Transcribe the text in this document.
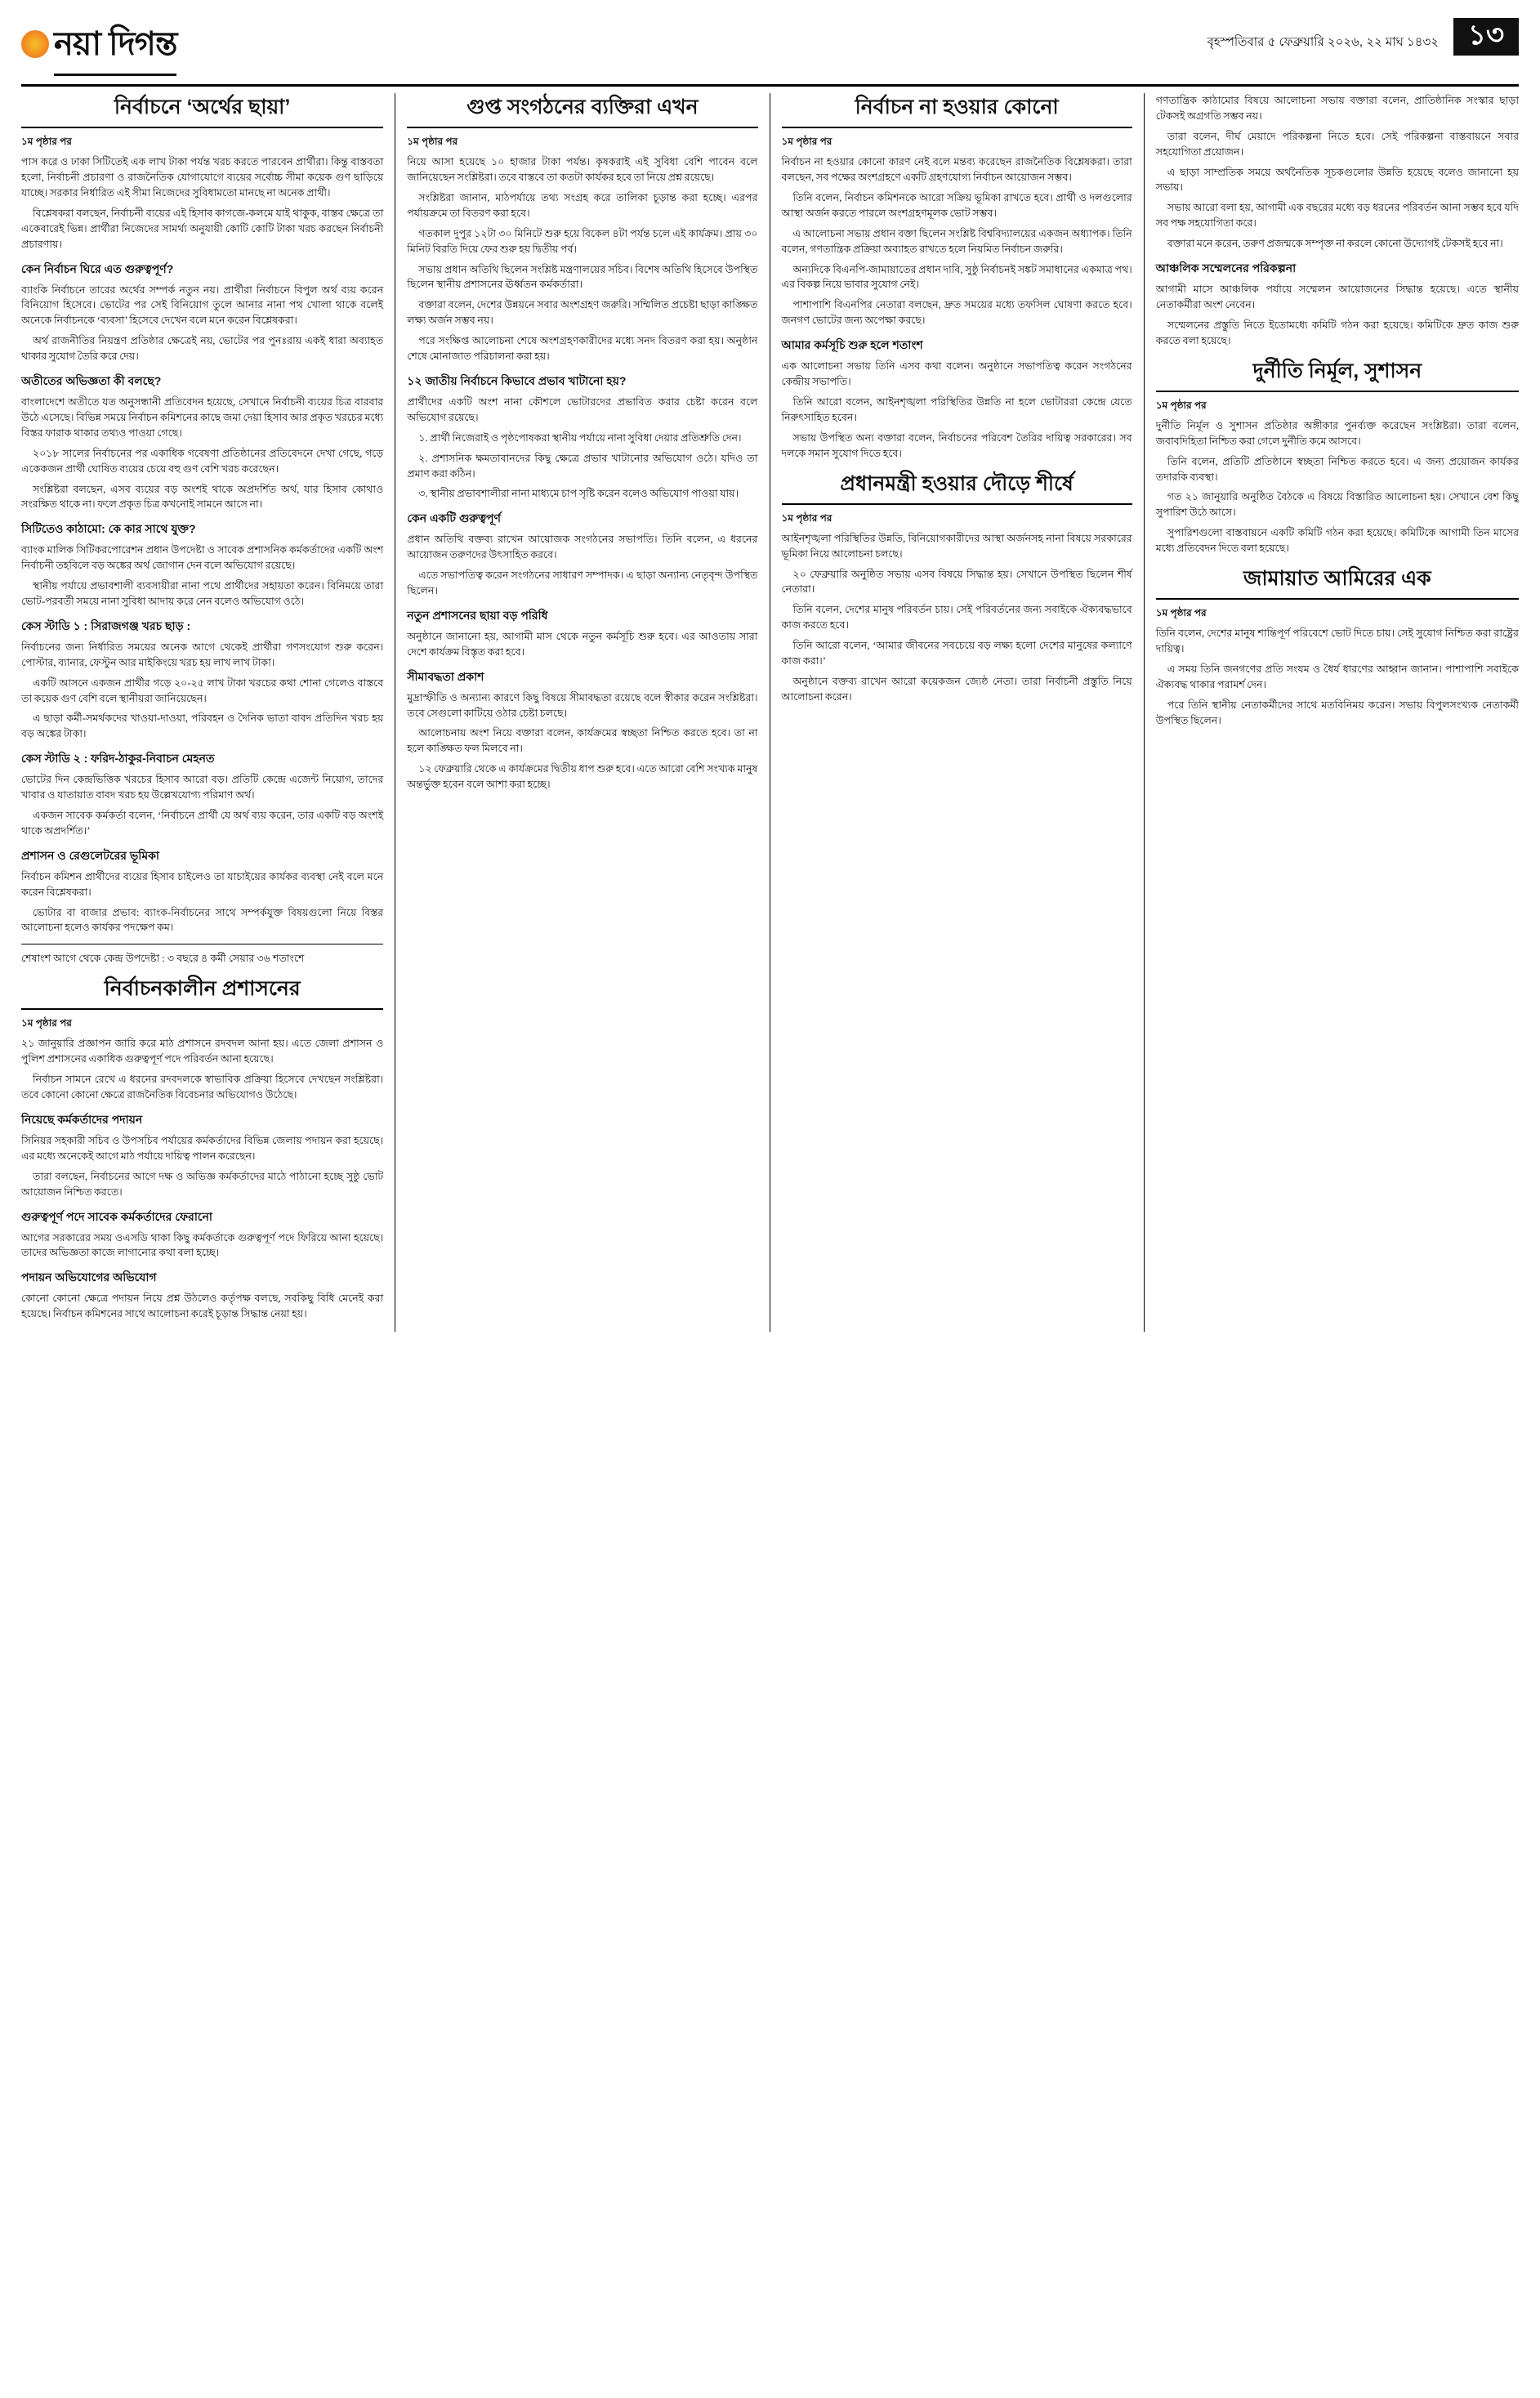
নয়া দিগন্ত	বৃহস্পতিবার ৫ ফেব্রুয়ারি ২০২৬, ২২ মাঘ ১৪৩২	১৩
নির্বাচনে ‘অর্থের ছায়া’
১ম পৃষ্ঠার পর

পাস করে ও ঢাকা সিটিতেই এক লাখ টাকা পর্যন্ত খরচ করতে পারবেন প্রার্থীরা। কিন্তু বাস্তবতা হলো, নির্বাচনী প্রচারণা ও রাজনৈতিক যোগাযোগে ব্যয়ের সর্বোচ্চ সীমা কয়েক গুণ ছাড়িয়ে যাচ্ছে। সরকার নির্ধারিত এই সীমা নিজেদের সুবিধামতো মানছে না অনেক প্রার্থী।

বিশ্লেষকরা বলছেন, নির্বাচনী ব্যয়ের এই হিসাব কাগজে-কলমে যাই থাকুক, বাস্তব ক্ষেত্রে তা একেবারেই ভিন্ন। প্রার্থীরা নিজেদের সামর্থ্য অনুযায়ী কোটি কোটি টাকা খরচ করছেন নির্বাচনী প্রচারণায়।

কেন নির্বাচন ঘিরে এত গুরুত্বপূর্ণ?

ব্যাংকি নির্বাচনে তারের অর্থের সম্পর্ক নতুন নয়। প্রার্থীরা নির্বাচনে বিপুল অর্থ ব্যয় করেন বিনিয়োগ হিসেবে। ভোটের পর সেই বিনিয়োগ তুলে আনার নানা পথ খোলা থাকে বলেই অনেকে নির্বাচনকে ‘ব্যবসা’ হিসেবে দেখেন বলে মনে করেন বিশ্লেষকরা।

অর্থ রাজনীতির নিয়ন্ত্রণ প্রতিষ্ঠার ক্ষেত্রেই নয়, ভোটের পর পুনঃরায় একই ধারা অব্যাহত থাকার সুযোগ তৈরি করে দেয়।

অতীতের অভিজ্ঞতা কী বলছে?

বাংলাদেশে অতীতে যত অনুসন্ধানী প্রতিবেদন হয়েছে, সেখানে নির্বাচনী ব্যয়ের চিত্র বারবার উঠে এসেছে। বিভিন্ন সময়ে নির্বাচন কমিশনের কাছে জমা দেয়া হিসাব আর প্রকৃত খরচের মধ্যে বিস্তর ফারাক থাকার তথ্যও পাওয়া গেছে।

২০১৮ সালের নির্বাচনের পর একাধিক গবেষণা প্রতিষ্ঠানের প্রতিবেদনে দেখা গেছে, গড়ে একেকজন প্রার্থী ঘোষিত ব্যয়ের চেয়ে বহু গুণ বেশি খরচ করেছেন।

সংশ্লিষ্টরা বলছেন, এসব ব্যয়ের বড় অংশই থাকে অপ্রদর্শিত অর্থ, যার হিসাব কোথাও সংরক্ষিত থাকে না। ফলে প্রকৃত চিত্র কখনোই সামনে আসে না।

সিটিতেও কাঠামো: কে কার সাথে যুক্ত?

ব্যাংক মালিক সিটিকরপোরেশন প্রধান উপদেষ্টা ও সাবেক প্রশাসনিক কর্মকর্তাদের একটি অংশ নির্বাচনী তহবিলে বড় অঙ্কের অর্থ জোগান দেন বলে অভিযোগ রয়েছে।

স্থানীয় পর্যায়ে প্রভাবশালী ব্যবসায়ীরা নানা পথে প্রার্থীদের সহায়তা করেন। বিনিময়ে তারা ভোট-পরবর্তী সময়ে নানা সুবিধা আদায় করে নেন বলেও অভিযোগ ওঠে।

কেস স্টাডি ১ : সিরাজগঞ্জ খরচ ছাড় :

নির্বাচনের জন্য নির্ধারিত সময়ের অনেক আগে থেকেই প্রার্থীরা গণসংযোগ শুরু করেন। পোস্টার, ব্যানার, ফেস্টুন আর মাইকিংয়ে খরচ হয় লাখ লাখ টাকা।

একটি আসনে একজন প্রার্থীর গড়ে ২০-২৫ লাখ টাকা খরচের কথা শোনা গেলেও বাস্তবে তা কয়েক গুণ বেশি বলে স্থানীয়রা জানিয়েছেন।

এ ছাড়া কর্মী-সমর্থকদের খাওয়া-দাওয়া, পরিবহন ও দৈনিক ভাতা বাবদ প্রতিদিন খরচ হয় বড় অঙ্কের টাকা।

কেস স্টাডি ২ : ফরিদ-ঠাকুর-নিবাচন মেহনত

ভোটের দিন কেন্দ্রভিত্তিক খরচের হিসাব আরো বড়। প্রতিটি কেন্দ্রে এজেন্ট নিয়োগ, তাদের খাবার ও যাতায়াত বাবদ খরচ হয় উল্লেখযোগ্য পরিমাণ অর্থ।

একজন সাবেক কর্মকর্তা বলেন, ‘নির্বাচনে প্রার্থী যে অর্থ ব্যয় করেন, তার একটি বড় অংশই থাকে অপ্রদর্শিত।’

প্রশাসন ও রেগুলেটরের ভূমিকা

নির্বাচন কমিশন প্রার্থীদের ব্যয়ের হিসাব চাইলেও তা যাচাইয়ের কার্যকর ব্যবস্থা নেই বলে মনে করেন বিশ্লেষকরা।

ভোটার বা বাজার প্রভাব: ব্যাংক-নির্বাচনের সাথে সম্পর্কযুক্ত বিষয়গুলো নিয়ে বিস্তর আলোচনা হলেও কার্যকর পদক্ষেপ কম।

শেষাংশ আগে থেকে কেন্দ্র উপদেষ্টা : ৩ বছরে ৪ কর্মী সেয়ার ৩৬ শতাংশে

নির্বাচনকালীন প্রশাসনের
১ম পৃষ্ঠার পর

২১ জানুয়ারি প্রজ্ঞাপন জারি করে মাঠ প্রশাসনে রদবদল আনা হয়। এতে জেলা প্রশাসন ও পুলিশ প্রশাসনের একাধিক গুরুত্বপূর্ণ পদে পরিবর্তন আনা হয়েছে।

নির্বাচন সামনে রেখে এ ধরনের রদবদলকে স্বাভাবিক প্রক্রিয়া হিসেবে দেখছেন সংশ্লিষ্টরা। তবে কোনো কোনো ক্ষেত্রে রাজনৈতিক বিবেচনার অভিযোগও উঠেছে।

নিয়েছে কর্মকর্তাদের পদায়ন

সিনিয়র সহকারী সচিব ও উপসচিব পর্যায়ের কর্মকর্তাদের বিভিন্ন জেলায় পদায়ন করা হয়েছে। এর মধ্যে অনেকেই আগে মাঠ পর্যায়ে দায়িত্ব পালন করেছেন।

তারা বলছেন, নির্বাচনের আগে দক্ষ ও অভিজ্ঞ কর্মকর্তাদের মাঠে পাঠানো হচ্ছে সুষ্ঠু ভোট আয়োজন নিশ্চিত করতে।

গুরুত্বপূর্ণ পদে সাবেক কর্মকর্তাদের ফেরানো

আগের সরকারের সময় ওএসডি থাকা কিছু কর্মকর্তাকে গুরুত্বপূর্ণ পদে ফিরিয়ে আনা হয়েছে। তাদের অভিজ্ঞতা কাজে লাগানোর কথা বলা হচ্ছে।

পদায়ন অভিযোগের অভিযোগ

কোনো কোনো ক্ষেত্রে পদায়ন নিয়ে প্রশ্ন উঠলেও কর্তৃপক্ষ বলছে, সবকিছু বিধি মেনেই করা হয়েছে। নির্বাচন কমিশনের সাথে আলোচনা করেই চূড়ান্ত সিদ্ধান্ত নেয়া হয়।

গুপ্ত সংগঠনের ব্যক্তিরা এখন
১ম পৃষ্ঠার পর

নিয়ে আসা হয়েছে ১০ হাজার টাকা পর্যন্ত। কৃষকরাই এই সুবিধা বেশি পাবেন বলে জানিয়েছেন সংশ্লিষ্টরা। তবে বাস্তবে তা কতটা কার্যকর হবে তা নিয়ে প্রশ্ন রয়েছে।

সংশ্লিষ্টরা জানান, মাঠপর্যায়ে তথ্য সংগ্রহ করে তালিকা চূড়ান্ত করা হচ্ছে। এরপর পর্যায়ক্রমে তা বিতরণ করা হবে।

গতকাল দুপুর ১২টা ৩০ মিনিটে শুরু হয়ে বিকেল ৪টা পর্যন্ত চলে এই কার্যক্রম। প্রায় ৩০ মিনিট বিরতি দিয়ে ফের শুরু হয় দ্বিতীয় পর্ব।

সভায় প্রধান অতিথি ছিলেন সংশ্লিষ্ট মন্ত্রণালয়ের সচিব। বিশেষ অতিথি হিসেবে উপস্থিত ছিলেন স্থানীয় প্রশাসনের ঊর্ধ্বতন কর্মকর্তারা।

বক্তারা বলেন, দেশের উন্নয়নে সবার অংশগ্রহণ জরুরি। সম্মিলিত প্রচেষ্টা ছাড়া কাঙ্ক্ষিত লক্ষ্য অর্জন সম্ভব নয়।

পরে সংক্ষিপ্ত আলোচনা শেষে অংশগ্রহণকারীদের মধ্যে সনদ বিতরণ করা হয়। অনুষ্ঠান শেষে মোনাজাত পরিচালনা করা হয়।

১২ জাতীয় নির্বাচনে কিভাবে প্রভাব খাটানো হয়?

প্রার্থীদের একটি অংশ নানা কৌশলে ভোটারদের প্রভাবিত করার চেষ্টা করেন বলে অভিযোগ রয়েছে।

১. প্রার্থী নিজেরাই ও পৃষ্ঠপোষকরা স্থানীয় পর্যায়ে নানা সুবিধা দেয়ার প্রতিশ্রুতি দেন।

২. প্রশাসনিক ক্ষমতাবানদের কিছু ক্ষেত্রে প্রভাব খাটানোর অভিযোগ ওঠে। যদিও তা প্রমাণ করা কঠিন।

৩. স্থানীয় প্রভাবশালীরা নানা মাধ্যমে চাপ সৃষ্টি করেন বলেও অভিযোগ পাওয়া যায়।

কেন একটি গুরুত্বপূর্ণ

প্রধান অতিথি বক্তব্য রাখেন আয়োজক সংগঠনের সভাপতি। তিনি বলেন, এ ধরনের আয়োজন তরুণদের উৎসাহিত করবে।

এতে সভাপতিত্ব করেন সংগঠনের সাধারণ সম্পাদক। এ ছাড়া অন্যান্য নেতৃবৃন্দ উপস্থিত ছিলেন।

নতুন প্রশাসনের ছায়া বড় পরিধি

অনুষ্ঠানে জানানো হয়, আগামী মাস থেকে নতুন কর্মসূচি শুরু হবে। এর আওতায় সারা দেশে কার্যক্রম বিস্তৃত করা হবে।

সীমাবদ্ধতা প্রকাশ

মুদ্রাস্ফীতি ও অন্যান্য কারণে কিছু বিষয়ে সীমাবদ্ধতা রয়েছে বলে স্বীকার করেন সংশ্লিষ্টরা। তবে সেগুলো কাটিয়ে ওঠার চেষ্টা চলছে।

আলোচনায় অংশ নিয়ে বক্তারা বলেন, কার্যক্রমের স্বচ্ছতা নিশ্চিত করতে হবে। তা না হলে কাঙ্ক্ষিত ফল মিলবে না।

১২ ফেব্রুয়ারি থেকে এ কার্যক্রমের দ্বিতীয় ধাপ শুরু হবে। এতে আরো বেশি সংখ্যক মানুষ অন্তর্ভুক্ত হবেন বলে আশা করা হচ্ছে।

নির্বাচন না হওয়ার কোনো
১ম পৃষ্ঠার পর

নির্বাচন না হওয়ার কোনো কারণ নেই বলে মন্তব্য করেছেন রাজনৈতিক বিশ্লেষকরা। তারা বলছেন, সব পক্ষের অংশগ্রহণে একটি গ্রহণযোগ্য নির্বাচন আয়োজন সম্ভব।

তিনি বলেন, নির্বাচন কমিশনকে আরো সক্রিয় ভূমিকা রাখতে হবে। প্রার্থী ও দলগুলোর আস্থা অর্জন করতে পারলে অংশগ্রহণমূলক ভোট সম্ভব।

এ আলোচনা সভায় প্রধান বক্তা ছিলেন সংশ্লিষ্ট বিশ্ববিদ্যালয়ের একজন অধ্যাপক। তিনি বলেন, গণতান্ত্রিক প্রক্রিয়া অব্যাহত রাখতে হলে নিয়মিত নির্বাচন জরুরি।

অন্যদিকে বিএনপি-জামায়াতের প্রধান দাবি, সুষ্ঠু নির্বাচনই সঙ্কট সমাধানের একমাত্র পথ। এর বিকল্প নিয়ে ভাবার সুযোগ নেই।

পাশাপাশি বিএনপির নেতারা বলছেন, দ্রুত সময়ের মধ্যে তফসিল ঘোষণা করতে হবে। জনগণ ভোটের জন্য অপেক্ষা করছে।

আমার কর্মসূচি শুরু হলে শতাংশ

এক আলোচনা সভায় তিনি এসব কথা বলেন। অনুষ্ঠানে সভাপতিত্ব করেন সংগঠনের কেন্দ্রীয় সভাপতি।

তিনি আরো বলেন, আইনশৃঙ্খলা পরিস্থিতির উন্নতি না হলে ভোটাররা কেন্দ্রে যেতে নিরুৎসাহিত হবেন।

সভায় উপস্থিত অন্য বক্তারা বলেন, নির্বাচনের পরিবেশ তৈরির দায়িত্ব সরকারের। সব দলকে সমান সুযোগ দিতে হবে।

প্রধানমন্ত্রী হওয়ার দৌড়ে শীর্ষে
১ম পৃষ্ঠার পর

আইনশৃঙ্খলা পরিস্থিতির উন্নতি, বিনিয়োগকারীদের আস্থা অর্জনসহ নানা বিষয়ে সরকারের ভূমিকা নিয়ে আলোচনা চলছে।

২০ ফেব্রুয়ারি অনুষ্ঠিত সভায় এসব বিষয়ে সিদ্ধান্ত হয়। সেখানে উপস্থিত ছিলেন শীর্ষ নেতারা।

তিনি বলেন, দেশের মানুষ পরিবর্তন চায়। সেই পরিবর্তনের জন্য সবাইকে ঐক্যবদ্ধভাবে কাজ করতে হবে।

তিনি আরো বলেন, ‘আমার জীবনের সবচেয়ে বড় লক্ষ্য হলো দেশের মানুষের কল্যাণে কাজ করা।’

অনুষ্ঠানে বক্তব্য রাখেন আরো কয়েকজন জ্যেষ্ঠ নেতা। তারা নির্বাচনী প্রস্তুতি নিয়ে আলোচনা করেন।

গণতান্ত্রিক কাঠামোর বিষয়ে আলোচনা সভায় বক্তারা বলেন, প্রাতিষ্ঠানিক সংস্কার ছাড়া টেকসই অগ্রগতি সম্ভব নয়।

তারা বলেন, দীর্ঘ মেয়াদে পরিকল্পনা নিতে হবে। সেই পরিকল্পনা বাস্তবায়নে সবার সহযোগিতা প্রয়োজন।

এ ছাড়া সাম্প্রতিক সময়ে অর্থনৈতিক সূচকগুলোর উন্নতি হয়েছে বলেও জানানো হয় সভায়।

সভায় আরো বলা হয়, আগামী এক বছরের মধ্যে বড় ধরনের পরিবর্তন আনা সম্ভব হবে যদি সব পক্ষ সহযোগিতা করে।

বক্তারা মনে করেন, তরুণ প্রজন্মকে সম্পৃক্ত না করলে কোনো উদ্যোগই টেকসই হবে না।

আঞ্চলিক সম্মেলনের পরিকল্পনা

আগামী মাসে আঞ্চলিক পর্যায়ে সম্মেলন আয়োজনের সিদ্ধান্ত হয়েছে। এতে স্থানীয় নেতাকর্মীরা অংশ নেবেন।

সম্মেলনের প্রস্তুতি নিতে ইতোমধ্যে কমিটি গঠন করা হয়েছে। কমিটিকে দ্রুত কাজ শুরু করতে বলা হয়েছে।

দুর্নীতি নির্মূল, সুশাসন
১ম পৃষ্ঠার পর

দুর্নীতি নির্মূল ও সুশাসন প্রতিষ্ঠার অঙ্গীকার পুনর্ব্যক্ত করেছেন সংশ্লিষ্টরা। তারা বলেন, জবাবদিহিতা নিশ্চিত করা গেলে দুর্নীতি কমে আসবে।

তিনি বলেন, প্রতিটি প্রতিষ্ঠানে স্বচ্ছতা নিশ্চিত করতে হবে। এ জন্য প্রয়োজন কার্যকর তদারকি ব্যবস্থা।

গত ২১ জানুয়ারি অনুষ্ঠিত বৈঠকে এ বিষয়ে বিস্তারিত আলোচনা হয়। সেখানে বেশ কিছু সুপারিশ উঠে আসে।

সুপারিশগুলো বাস্তবায়নে একটি কমিটি গঠন করা হয়েছে। কমিটিকে আগামী তিন মাসের মধ্যে প্রতিবেদন দিতে বলা হয়েছে।

জামায়াত আমিরের এক
১ম পৃষ্ঠার পর

তিনি বলেন, দেশের মানুষ শান্তিপূর্ণ পরিবেশে ভোট দিতে চায়। সেই সুযোগ নিশ্চিত করা রাষ্ট্রের দায়িত্ব।

এ সময় তিনি জনগণের প্রতি সংযম ও ধৈর্য ধারণের আহ্বান জানান। পাশাপাশি সবাইকে ঐক্যবদ্ধ থাকার পরামর্শ দেন।

পরে তিনি স্থানীয় নেতাকর্মীদের সাথে মতবিনিময় করেন। সভায় বিপুলসংখ্যক নেতাকর্মী উপস্থিত ছিলেন।
